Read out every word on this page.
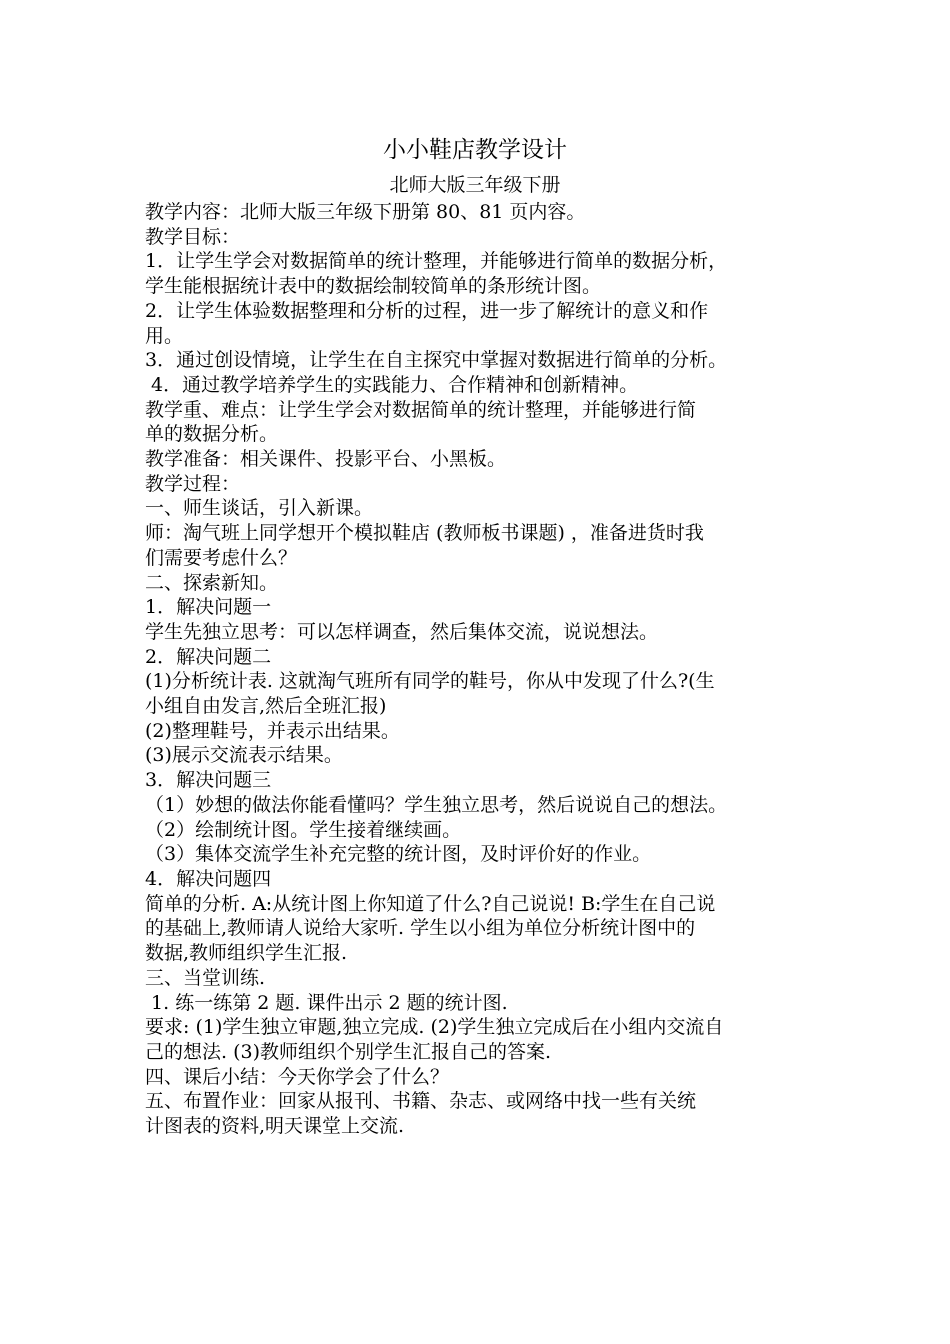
小小鞋店教学设计
北师大版三年级下册

教学内容：北师大版三年级下册第 80、81 页内容。

教学目标：

1．让学生学会对数据简单的统计整理，并能够进行简单的数据分析，

学生能根据统计表中的数据绘制较简单的条形统计图。

2．让学生体验数据整理和分析的过程，进一步了解统计的意义和作

用。

3．通过创设情境，让学生在自主探究中掌握对数据进行简单的分析。

4．通过教学培养学生的实践能力、合作精神和创新精神。

教学重、难点：让学生学会对数据简单的统计整理，并能够进行简

单的数据分析。

教学准备：相关课件、投影平台、小黑板。

教学过程：

一、师生谈话，引入新课。

师：淘气班上同学想开个模拟鞋店 (教师板书课题) ，准备进货时我

们需要考虑什么？

二、探索新知。

1．解决问题一

学生先独立思考：可以怎样调查，然后集体交流，说说想法。

2．解决问题二

(1)分析统计表. 这就淘气班所有同学的鞋号，你从中发现了什么?(生

小组自由发言,然后全班汇报)

(2)整理鞋号，并表示出结果。

(3)展示交流表示结果。

3．解决问题三

（1）妙想的做法你能看懂吗？学生独立思考，然后说说自己的想法。

（2）绘制统计图。学生接着继续画。

（3）集体交流学生补充完整的统计图，及时评价好的作业。

4．解决问题四

简单的分析. A:从统计图上你知道了什么?自己说说! B:学生在自己说

的基础上,教师请人说给大家听. 学生以小组为单位分析统计图中的

数据,教师组织学生汇报.

三、当堂训练.

1. 练一练第 2 题. 课件出示 2 题的统计图.

要求: (1)学生独立审题,独立完成. (2)学生独立完成后在小组内交流自

己的想法. (3)教师组织个别学生汇报自己的答案.

四、课后小结：今天你学会了什么？

五、布置作业：回家从报刊、书籍、杂志、或网络中找一些有关统

计图表的资料,明天课堂上交流.
